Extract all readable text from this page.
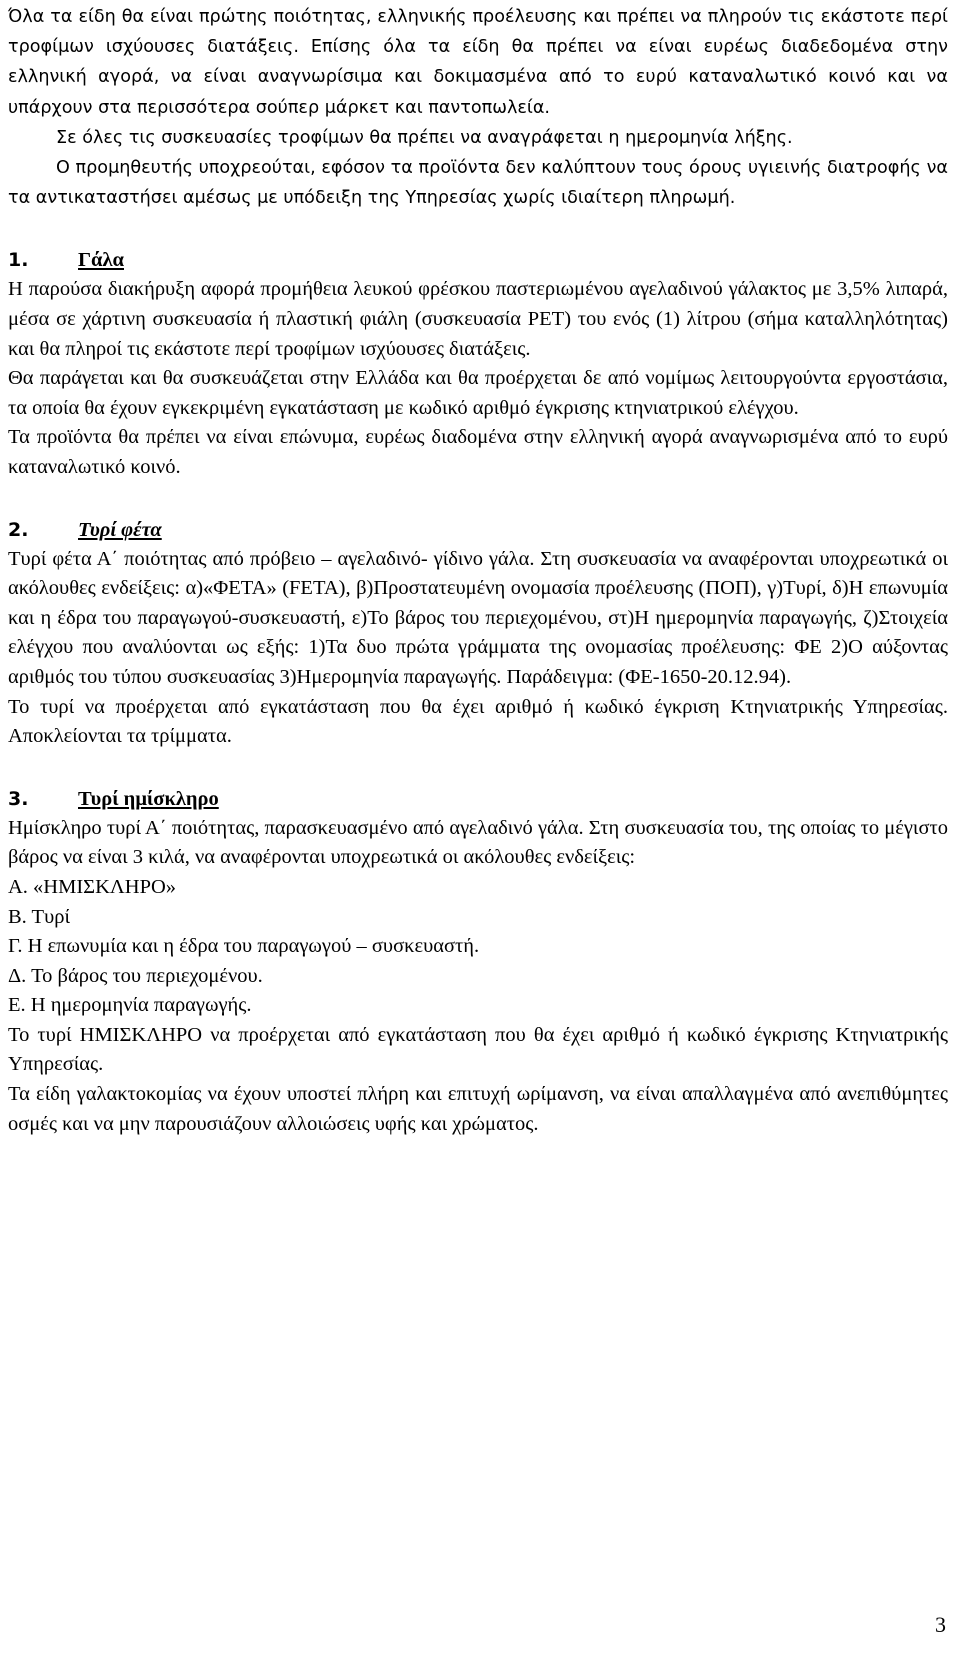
Όλα τα είδη θα είναι πρώτης ποιότητας, ελληνικής προέλευσης και πρέπει να πληρούν τις εκάστοτε περί τροφίμων ισχύουσες διατάξεις. Επίσης όλα τα είδη θα πρέπει να είναι ευρέως διαδεδομένα στην ελληνική αγορά, να είναι αναγνωρίσιμα και δοκιμασμένα από το ευρύ καταναλωτικό κοινό και να υπάρχουν στα περισσότερα σούπερ μάρκετ και παντοπωλεία.

Σε όλες τις συσκευασίες τροφίμων θα πρέπει να αναγράφεται η ημερομηνία λήξης.

Ο προμηθευτής υποχρεούται, εφόσον τα προϊόντα δεν καλύπτουν τους όρους υγιεινής διατροφής να τα αντικαταστήσει αμέσως με υπόδειξη της Υπηρεσίας χωρίς ιδιαίτερη πληρωμή.

1. Γάλα

Η παρούσα διακήρυξη αφορά προμήθεια λευκού φρέσκου παστεριωμένου αγελαδινού γάλακτος με 3,5% λιπαρά, μέσα σε χάρτινη συσκευασία ή πλαστική φιάλη (συσκευασία PET) του ενός (1) λίτρου (σήμα καταλληλότητας) και θα πληροί τις εκάστοτε περί τροφίμων ισχύουσες διατάξεις.

Θα παράγεται και θα συσκευάζεται στην Ελλάδα και θα προέρχεται δε από νομίμως λειτουργούντα εργοστάσια, τα οποία θα έχουν εγκεκριμένη εγκατάσταση με κωδικό αριθμό έγκρισης κτηνιατρικού ελέγχου.

Τα προϊόντα θα πρέπει να είναι επώνυμα, ευρέως διαδομένα στην ελληνική αγορά αναγνωρισμένα από το ευρύ καταναλωτικό κοινό.

2. Τυρί φέτα

Τυρί φέτα Α΄ ποιότητας από πρόβειο – αγελαδινό- γίδινο γάλα. Στη συσκευασία να αναφέρονται υποχρεωτικά οι ακόλουθες ενδείξεις: α)«ΦΕΤΑ» (FETA), β)Προστατευμένη ονομασία προέλευσης (ΠΟΠ), γ)Τυρί, δ)Η επωνυμία και η έδρα του παραγωγού-συσκευαστή, ε)Το βάρος του περιεχομένου, στ)Η ημερομηνία παραγωγής, ζ)Στοιχεία ελέγχου που αναλύονται ως εξής: 1)Τα δυο πρώτα γράμματα της ονομασίας προέλευσης: ΦΕ 2)Ο αύξοντας αριθμός του τύπου συσκευασίας 3)Ημερομηνία παραγωγής. Παράδειγμα: (ΦΕ-1650-20.12.94).

Το τυρί να προέρχεται από εγκατάσταση που θα έχει αριθμό ή κωδικό έγκριση Κτηνιατρικής Υπηρεσίας. Αποκλείονται τα τρίμματα.

3. Τυρί ημίσκληρο

Ημίσκληρο τυρί Α΄ ποιότητας, παρασκευασμένο από αγελαδινό γάλα. Στη συσκευασία του, της οποίας το μέγιστο βάρος να είναι 3 κιλά, να αναφέρονται υποχρεωτικά οι ακόλουθες ενδείξεις:

Α. «ΗΜΙΣΚΛΗΡΟ»

Β. Τυρί

Γ. Η επωνυμία και η έδρα του παραγωγού – συσκευαστή.

Δ. Το βάρος του περιεχομένου.

Ε. Η ημερομηνία παραγωγής.

Το τυρί ΗΜΙΣΚΛΗΡΟ να προέρχεται από εγκατάσταση που θα έχει αριθμό ή κωδικό έγκρισης Κτηνιατρικής Υπηρεσίας.

Τα είδη γαλακτοκομίας να έχουν υποστεί πλήρη και επιτυχή ωρίμανση, να είναι απαλλαγμένα από ανεπιθύμητες οσμές και να μην παρουσιάζουν αλλοιώσεις υφής και χρώματος.

3
